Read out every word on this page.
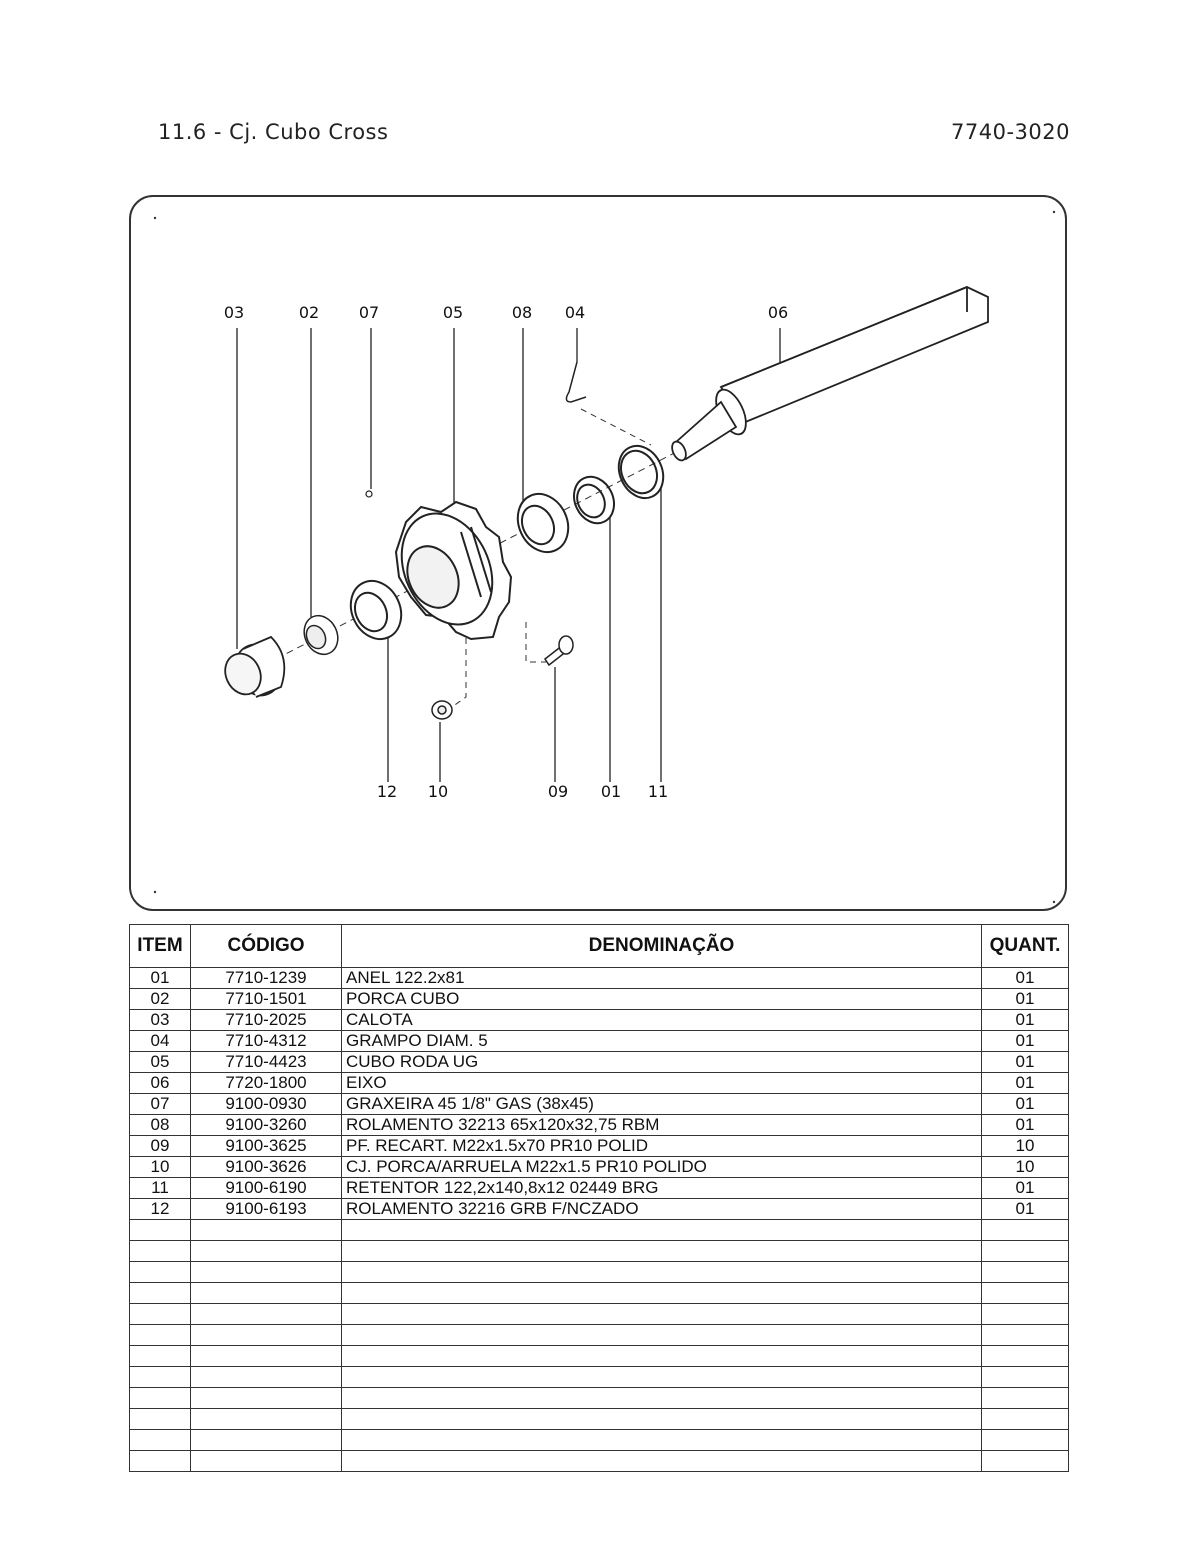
11.6 - Cj. Cubo Cross	7740-3020
03	02 07	05	08 04	06
12 10	09 01 11
ITEM	CÓDIGO	DENOMINAÇÃO	QUANT.
01	7710-1239	ANEL 122.2x81	01
02	7710-1501	PORCA CUBO	01
03	7710-2025	CALOTA	01
04	7710-4312	GRAMPO DIAM. 5	01
05	7710-4423	CUBO RODA UG	01
06	7720-1800	EIXO	01
07	9100-0930	GRAXEIRA 45 1/8" GAS (38x45)	01
08	9100-3260	ROLAMENTO 32213 65x120x32,75 RBM	01
09	9100-3625	PF. RECART. M22x1.5x70 PR10 POLID	10
10	9100-3626	CJ. PORCA/ARRUELA M22x1.5 PR10 POLIDO	10
11	9100-6190	RETENTOR 122,2x140,8x12 02449 BRG	01
12	9100-6193	ROLAMENTO 32216 GRB F/NCZADO	01
